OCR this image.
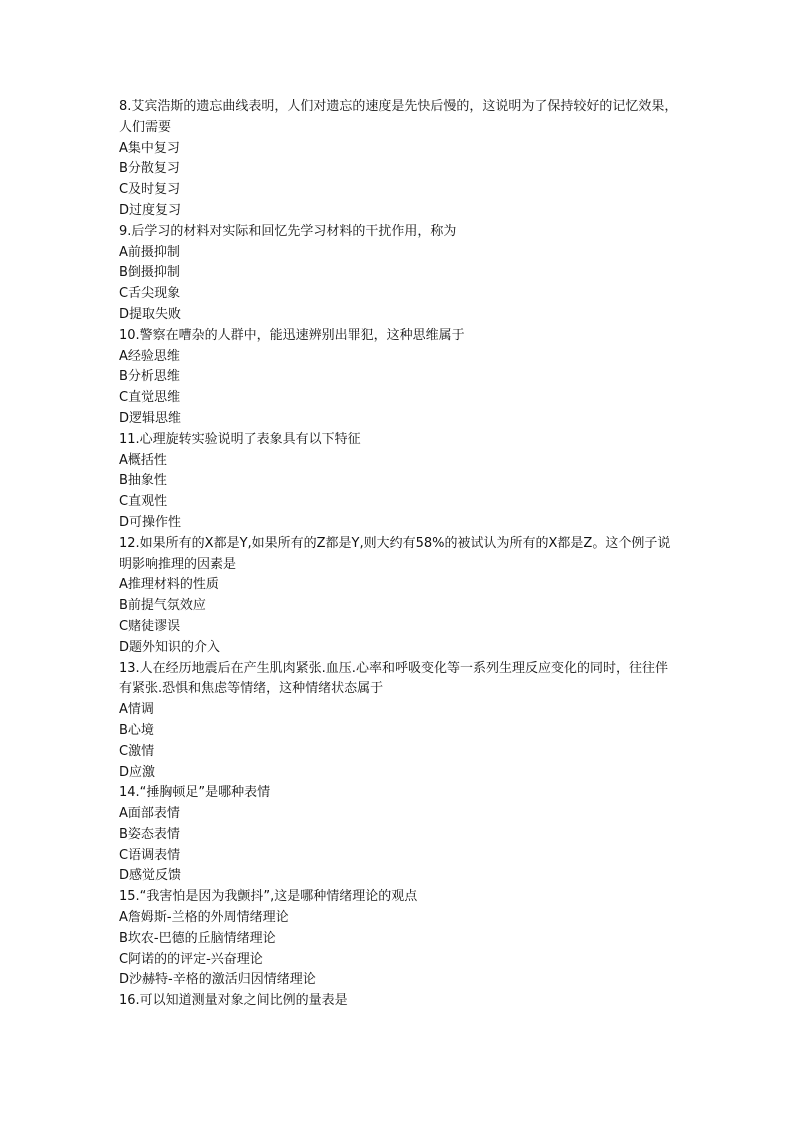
8.艾宾浩斯的遗忘曲线表明，人们对遗忘的速度是先快后慢的，这说明为了保持较好的记忆效果，人们需要
A集中复习
B分散复习
C及时复习
D过度复习
9.后学习的材料对实际和回忆先学习材料的干扰作用，称为
A前摄抑制
B倒摄抑制
C舌尖现象
D提取失败
10.警察在嘈杂的人群中，能迅速辨别出罪犯，这种思维属于
A经验思维
B分析思维
C直觉思维
D逻辑思维
11.心理旋转实验说明了表象具有以下特征
A概括性
B抽象性
C直观性
D可操作性
12.如果所有的X都是Y,如果所有的Z都是Y,则大约有58%的被试认为所有的X都是Z。这个例子说明影响推理的因素是
A推理材料的性质
B前提气氛效应
C赌徒谬误
D题外知识的介入
13.人在经历地震后在产生肌肉紧张.血压.心率和呼吸变化等一系列生理反应变化的同时，往往伴有紧张.恐惧和焦虑等情绪，这种情绪状态属于
A情调
B心境
C激情
D应激
14.“捶胸顿足”是哪种表情
A面部表情
B姿态表情
C语调表情
D感觉反馈
15.“我害怕是因为我颤抖”,这是哪种情绪理论的观点
A詹姆斯-兰格的外周情绪理论
B坎农-巴德的丘脑情绪理论
C阿诺的的评定-兴奋理论
D沙赫特-辛格的激活归因情绪理论
16.可以知道测量对象之间比例的量表是
